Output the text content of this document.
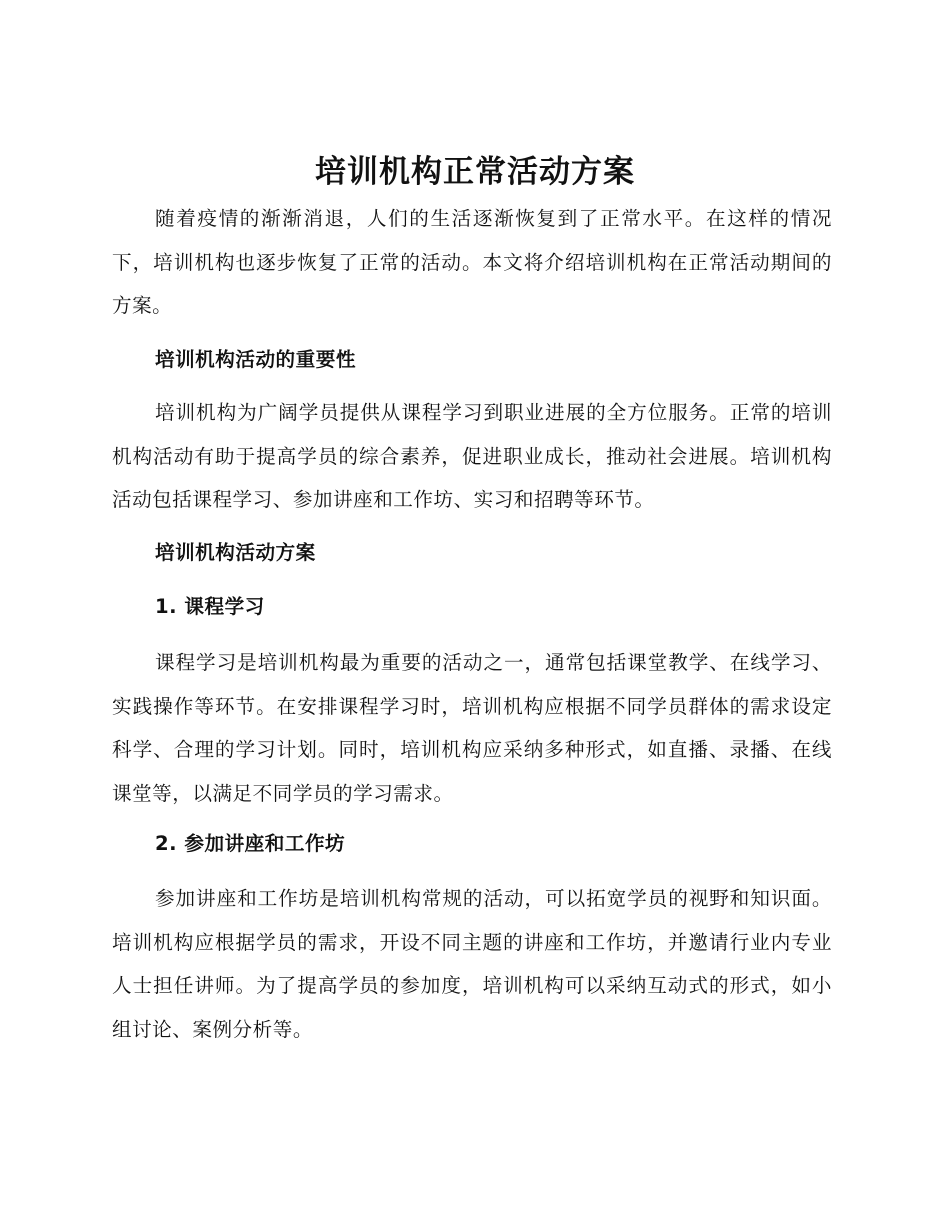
培训机构正常活动方案

随着疫情的渐渐消退，人们的生活逐渐恢复到了正常水平。在这样的情况下，培训机构也逐步恢复了正常的活动。本文将介绍培训机构在正常活动期间的方案。

培训机构活动的重要性

培训机构为广阔学员提供从课程学习到职业进展的全方位服务。正常的培训机构活动有助于提高学员的综合素养，促进职业成长，推动社会进展。培训机构活动包括课程学习、参加讲座和工作坊、实习和招聘等环节。

培训机构活动方案
1. 课程学习

课程学习是培训机构最为重要的活动之一，通常包括课堂教学、在线学习、实践操作等环节。在安排课程学习时，培训机构应根据不同学员群体的需求设定科学、合理的学习计划。同时，培训机构应采纳多种形式，如直播、录播、在线课堂等，以满足不同学员的学习需求。

2. 参加讲座和工作坊

参加讲座和工作坊是培训机构常规的活动，可以拓宽学员的视野和知识面。培训机构应根据学员的需求，开设不同主题的讲座和工作坊，并邀请行业内专业人士担任讲师。为了提高学员的参加度，培训机构可以采纳互动式的形式，如小组讨论、案例分析等。
